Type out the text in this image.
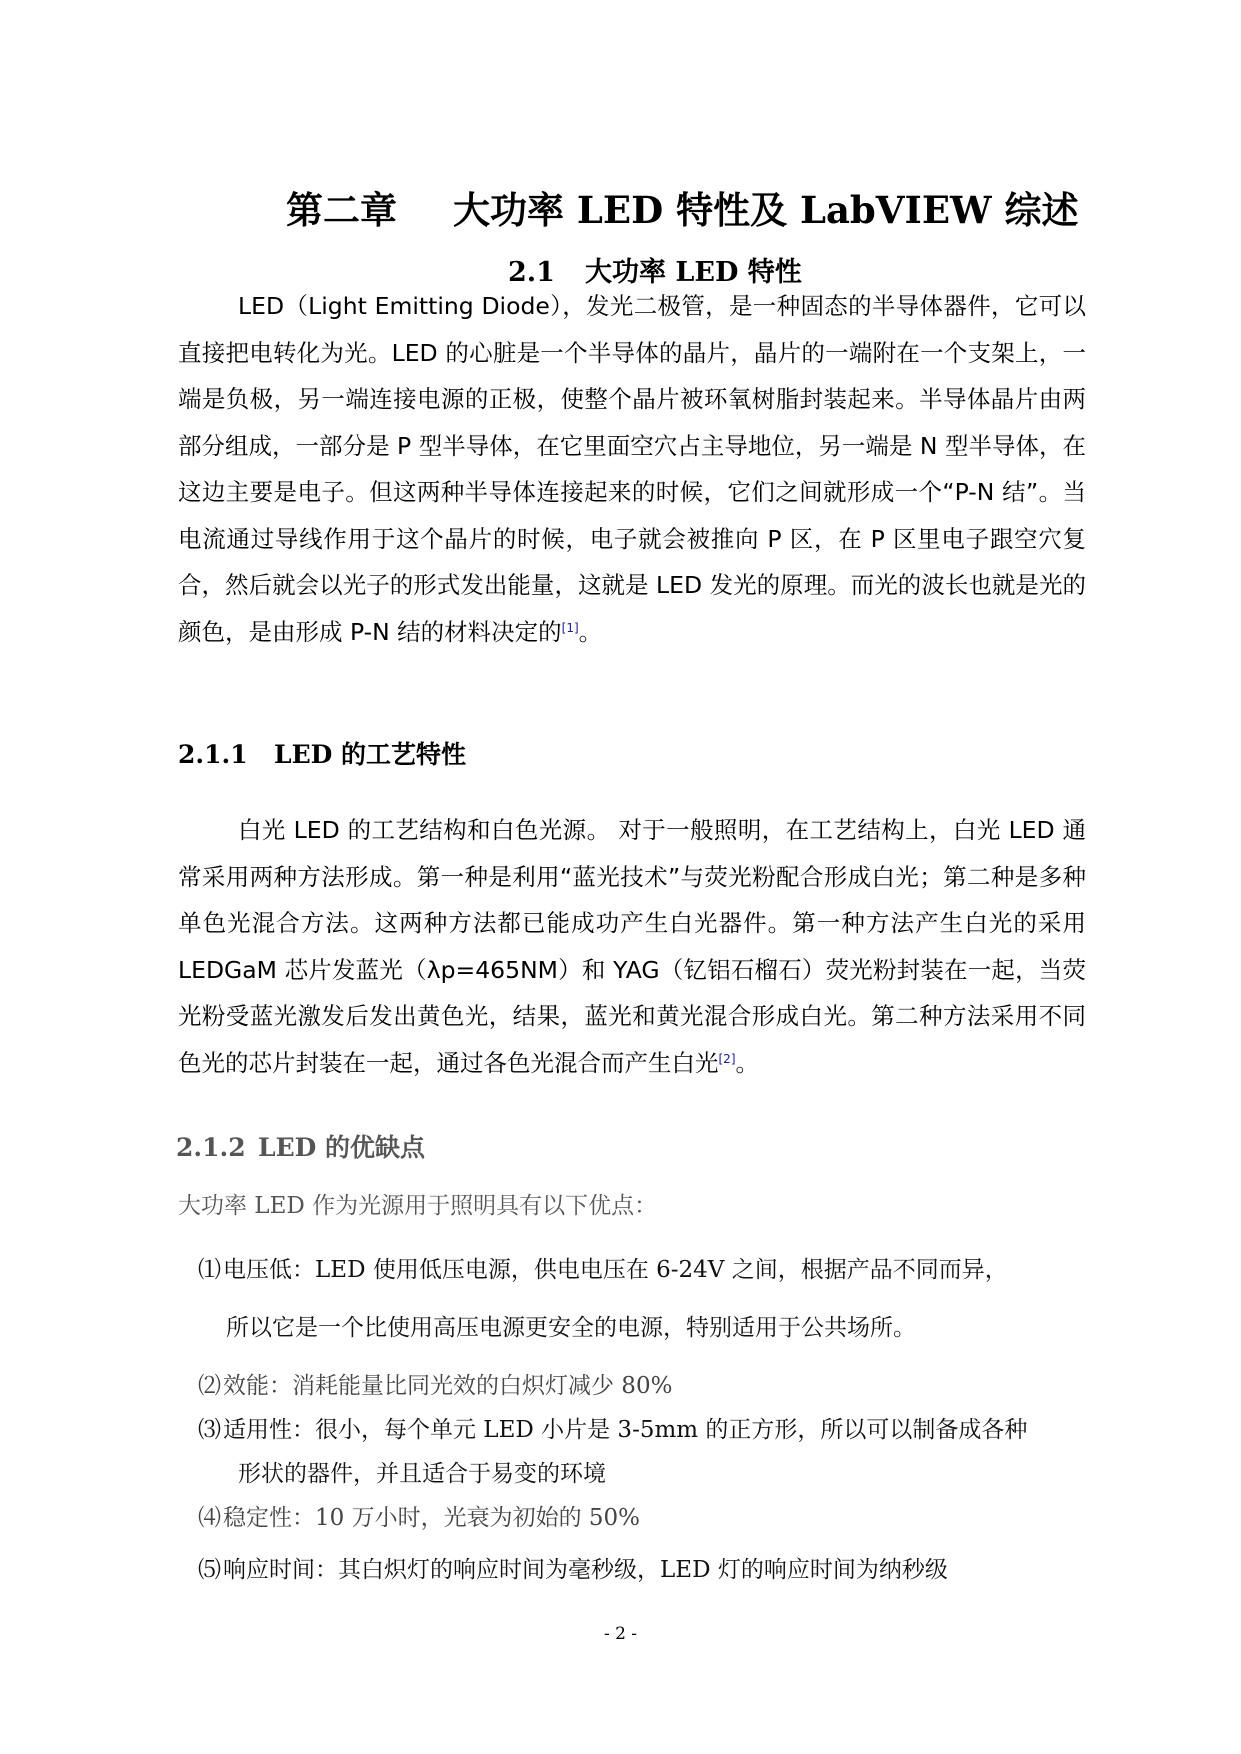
第二章 大功率 LED 特性及 LabVIEW 综述
2.1 大功率 LED 特性

LED（Light Emitting Diode），发光二极管，是一种固态的半导体器件，它可以直接把电转化为光。LED 的心脏是一个半导体的晶片，晶片的一端附在一个支架上，一端是负极，另一端连接电源的正极，使整个晶片被环氧树脂封装起来。半导体晶片由两部分组成，一部分是 P 型半导体，在它里面空穴占主导地位，另一端是 N 型半导体，在这边主要是电子。但这两种半导体连接起来的时候，它们之间就形成一个“P-N 结”。当电流通过导线作用于这个晶片的时候，电子就会被推向 P 区，在 P 区里电子跟空穴复合，然后就会以光子的形式发出能量，这就是 LED 发光的原理。而光的波长也就是光的颜色，是由形成 P-N 结的材料决定的[1]。

2.1.1 LED 的工艺特性

白光 LED 的工艺结构和白色光源。 对于一般照明，在工艺结构上，白光 LED 通常采用两种方法形成。第一种是利用“蓝光技术”与荧光粉配合形成白光；第二种是多种单色光混合方法。这两种方法都已能成功产生白光器件。第一种方法产生白光的采用 LEDGaM 芯片发蓝光（λp=465NM）和 YAG（钇铝石榴石）荧光粉封装在一起，当荧光粉受蓝光激发后发出黄色光，结果，蓝光和黄光混合形成白光。第二种方法采用不同色光的芯片封装在一起，通过各色光混合而产生白光[2]。

2.1.2 LED 的优缺点
大功率 LED 作为光源用于照明具有以下优点：
⑴电压低：LED 使用低压电源，供电电压在 6-24V 之间，根据产品不同而异，
所以它是一个比使用高压电源更安全的电源，特别适用于公共场所。
⑵效能：消耗能量比同光效的白炽灯减少 80%
⑶适用性：很小，每个单元 LED 小片是 3-5mm 的正方形，所以可以制备成各种
形状的器件，并且适合于易变的环境
⑷稳定性：10 万小时，光衰为初始的 50%
⑸响应时间：其白炽灯的响应时间为毫秒级，LED 灯的响应时间为纳秒级
- 2 -
